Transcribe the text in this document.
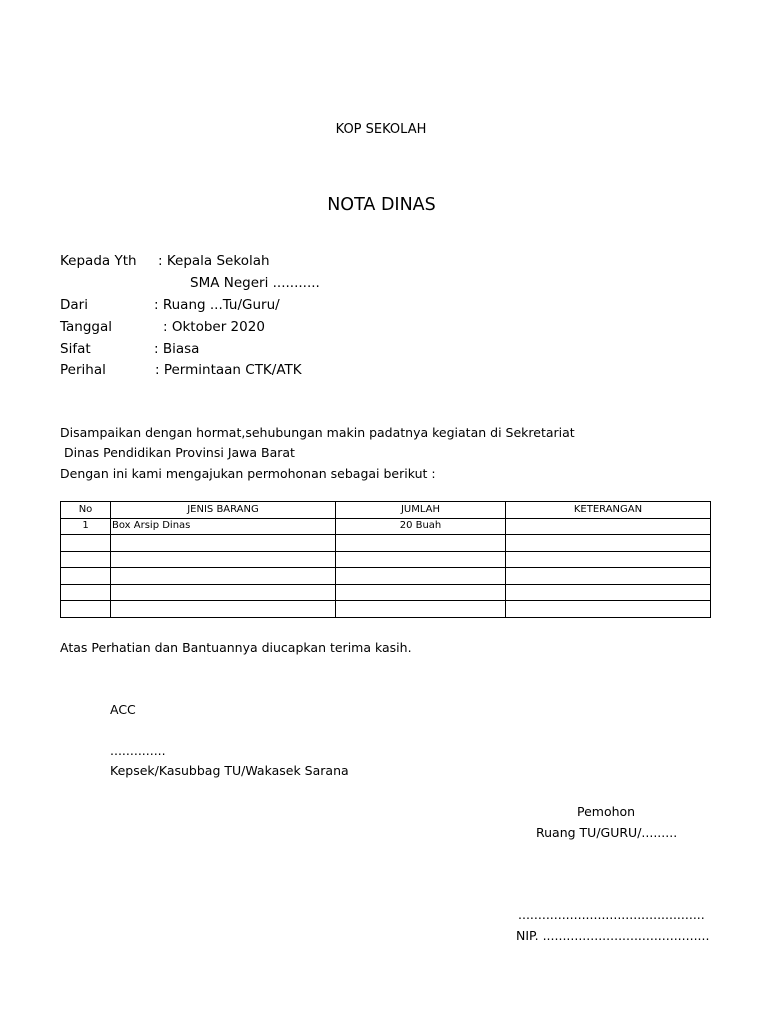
KOP SEKOLAH
NOTA DINAS
Kepada Yth : Kepala Sekolah
SMA Negeri ...........
Dari	: Ruang ...Tu/Guru/
Tanggal	: Oktober 2020
Sifat	: Biasa
Perihal	: Permintaan CTK/ATK
Disampaikan dengan hormat,sehubungan makin padatnya kegiatan di Sekretariat
Dinas Pendidikan Provinsi Jawa Barat
Dengan ini kami mengajukan permohonan sebagai berikut :
No	JENIS BARANG	JUMLAH	KETERANGAN
1	Box Arsip Dinas	20 Buah	

Atas Perhatian dan Bantuannya diucapkan terima kasih.
ACC
..............
Kepsek/Kasubbag TU/Wakasek Sarana
Pemohon
Ruang TU/GURU/.........
...............................................
NIP. ..........................................
